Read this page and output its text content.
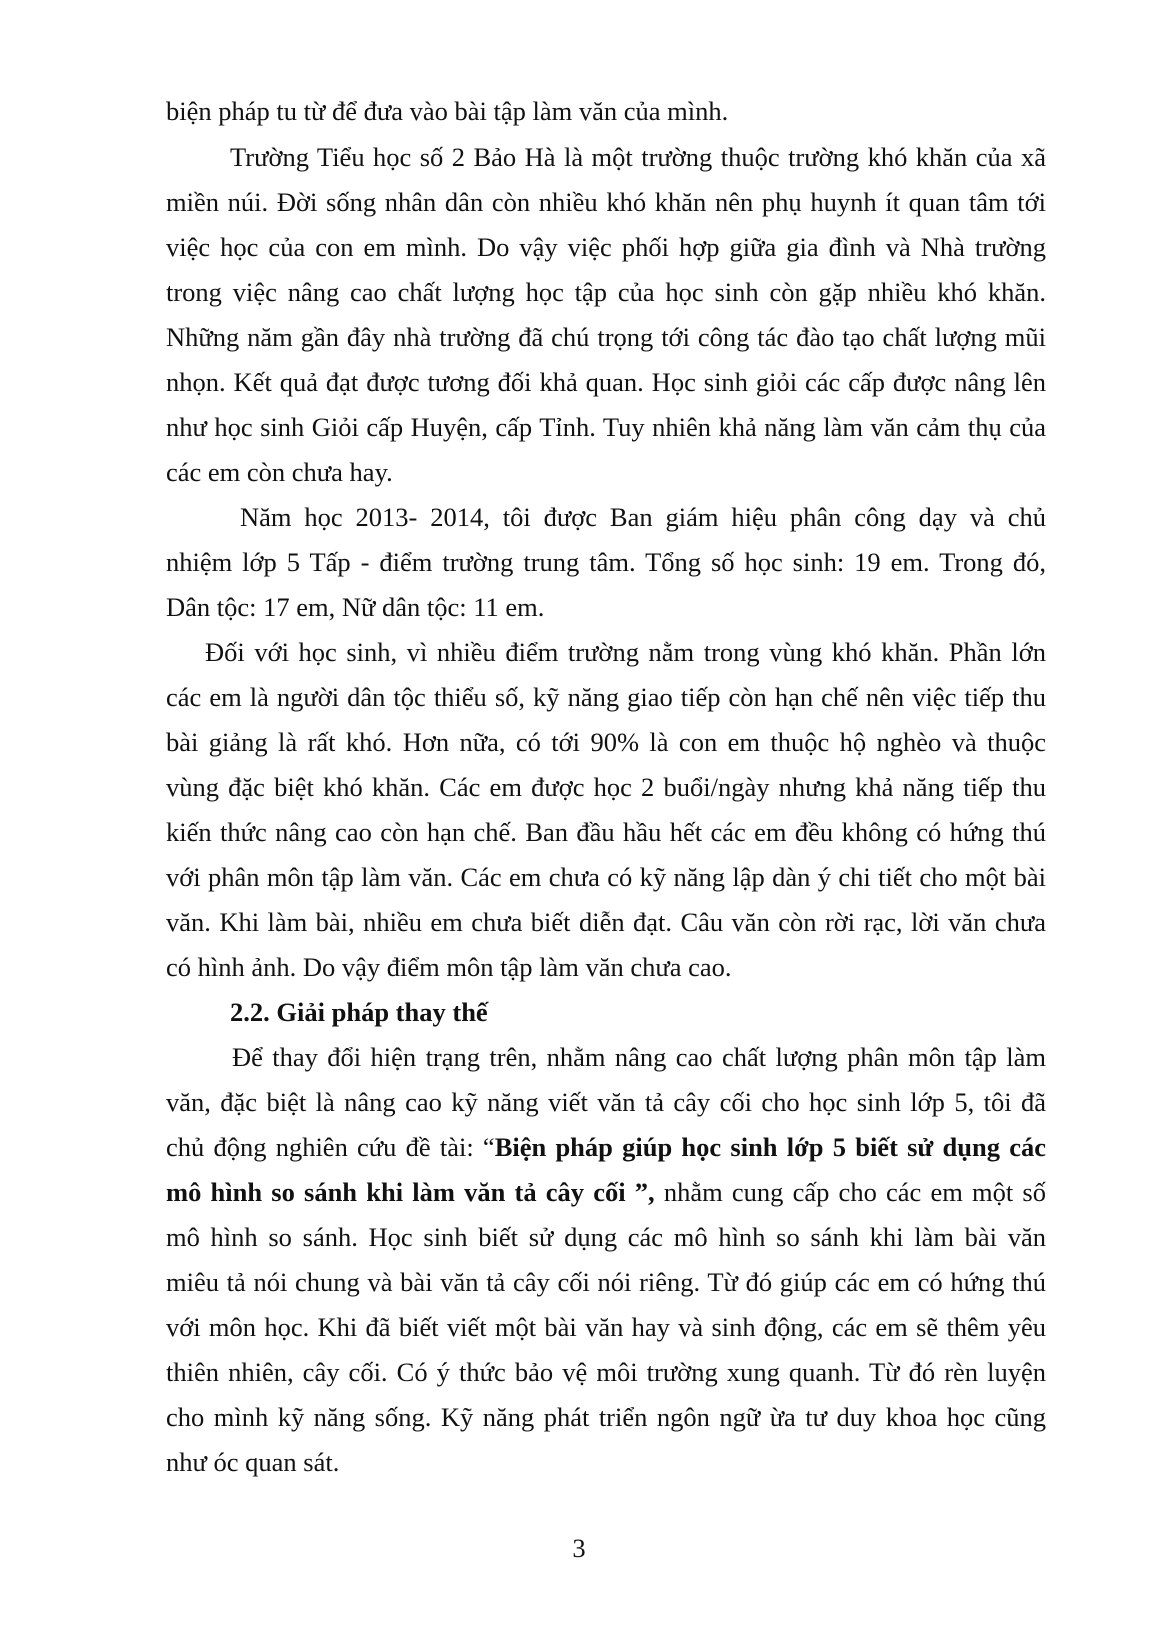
biện pháp tu từ để đưa vào bài tập làm văn của mình.
Trường Tiểu học số 2 Bảo Hà là một trường thuộc trường khó khăn của xã
miền núi. Đời sống nhân dân còn nhiều khó khăn nên phụ huynh ít quan tâm tới
việc học của con em mình. Do vậy việc phối hợp giữa gia đình và Nhà trường
trong việc nâng cao chất lượng học tập của học sinh còn gặp nhiều khó khăn.
Những năm gần đây nhà trường đã chú trọng tới công tác đào tạo chất lượng mũi
nhọn. Kết quả đạt được tương đối khả quan. Học sinh giỏi các cấp được nâng lên
như học sinh Giỏi cấp Huyện, cấp Tỉnh. Tuy nhiên khả năng làm văn cảm thụ của
các em còn chưa hay.
Năm học 2013- 2014, tôi được Ban giám hiệu phân công dạy và chủ
nhiệm lớp 5 Tấp - điểm trường trung tâm. Tổng số học sinh: 19 em. Trong đó,
Dân tộc: 17 em, Nữ dân tộc: 11 em.
Đối với học sinh, vì nhiều điểm trường nằm trong vùng khó khăn. Phần lớn
các em là người dân tộc thiểu số, kỹ năng giao tiếp còn hạn chế nên việc tiếp thu
bài giảng là rất khó. Hơn nữa, có tới 90% là con em thuộc hộ nghèo và thuộc
vùng đặc biệt khó khăn. Các em được học 2 buổi/ngày nhưng khả năng tiếp thu
kiến thức nâng cao còn hạn chế. Ban đầu hầu hết các em đều không có hứng thú
với phân môn tập làm văn. Các em chưa có kỹ năng lập dàn ý chi tiết cho một bài
văn. Khi làm bài, nhiều em chưa biết diễn đạt. Câu văn còn rời rạc, lời văn chưa
có hình ảnh. Do vậy điểm môn tập làm văn chưa cao.
2.2. Giải pháp thay thế
Để thay đổi hiện trạng trên, nhằm nâng cao chất lượng phân môn tập làm
văn, đặc biệt là nâng cao kỹ năng viết văn tả cây cối cho học sinh lớp 5, tôi đã
chủ động nghiên cứu đề tài: “Biện pháp giúp học sinh lớp 5 biết sử dụng các
mô hình so sánh khi làm văn tả cây cối ”, nhằm cung cấp cho các em một số
mô hình so sánh. Học sinh biết sử dụng các mô hình so sánh khi làm bài văn
miêu tả nói chung và bài văn tả cây cối nói riêng. Từ đó giúp các em có hứng thú
với môn học. Khi đã biết viết một bài văn hay và sinh động, các em sẽ thêm yêu
thiên nhiên, cây cối. Có ý thức bảo vệ môi trường xung quanh. Từ đó rèn luyện
cho mình kỹ năng sống. Kỹ năng phát triển ngôn ngữ ừa tư duy khoa học cũng
như óc quan sát.
3
